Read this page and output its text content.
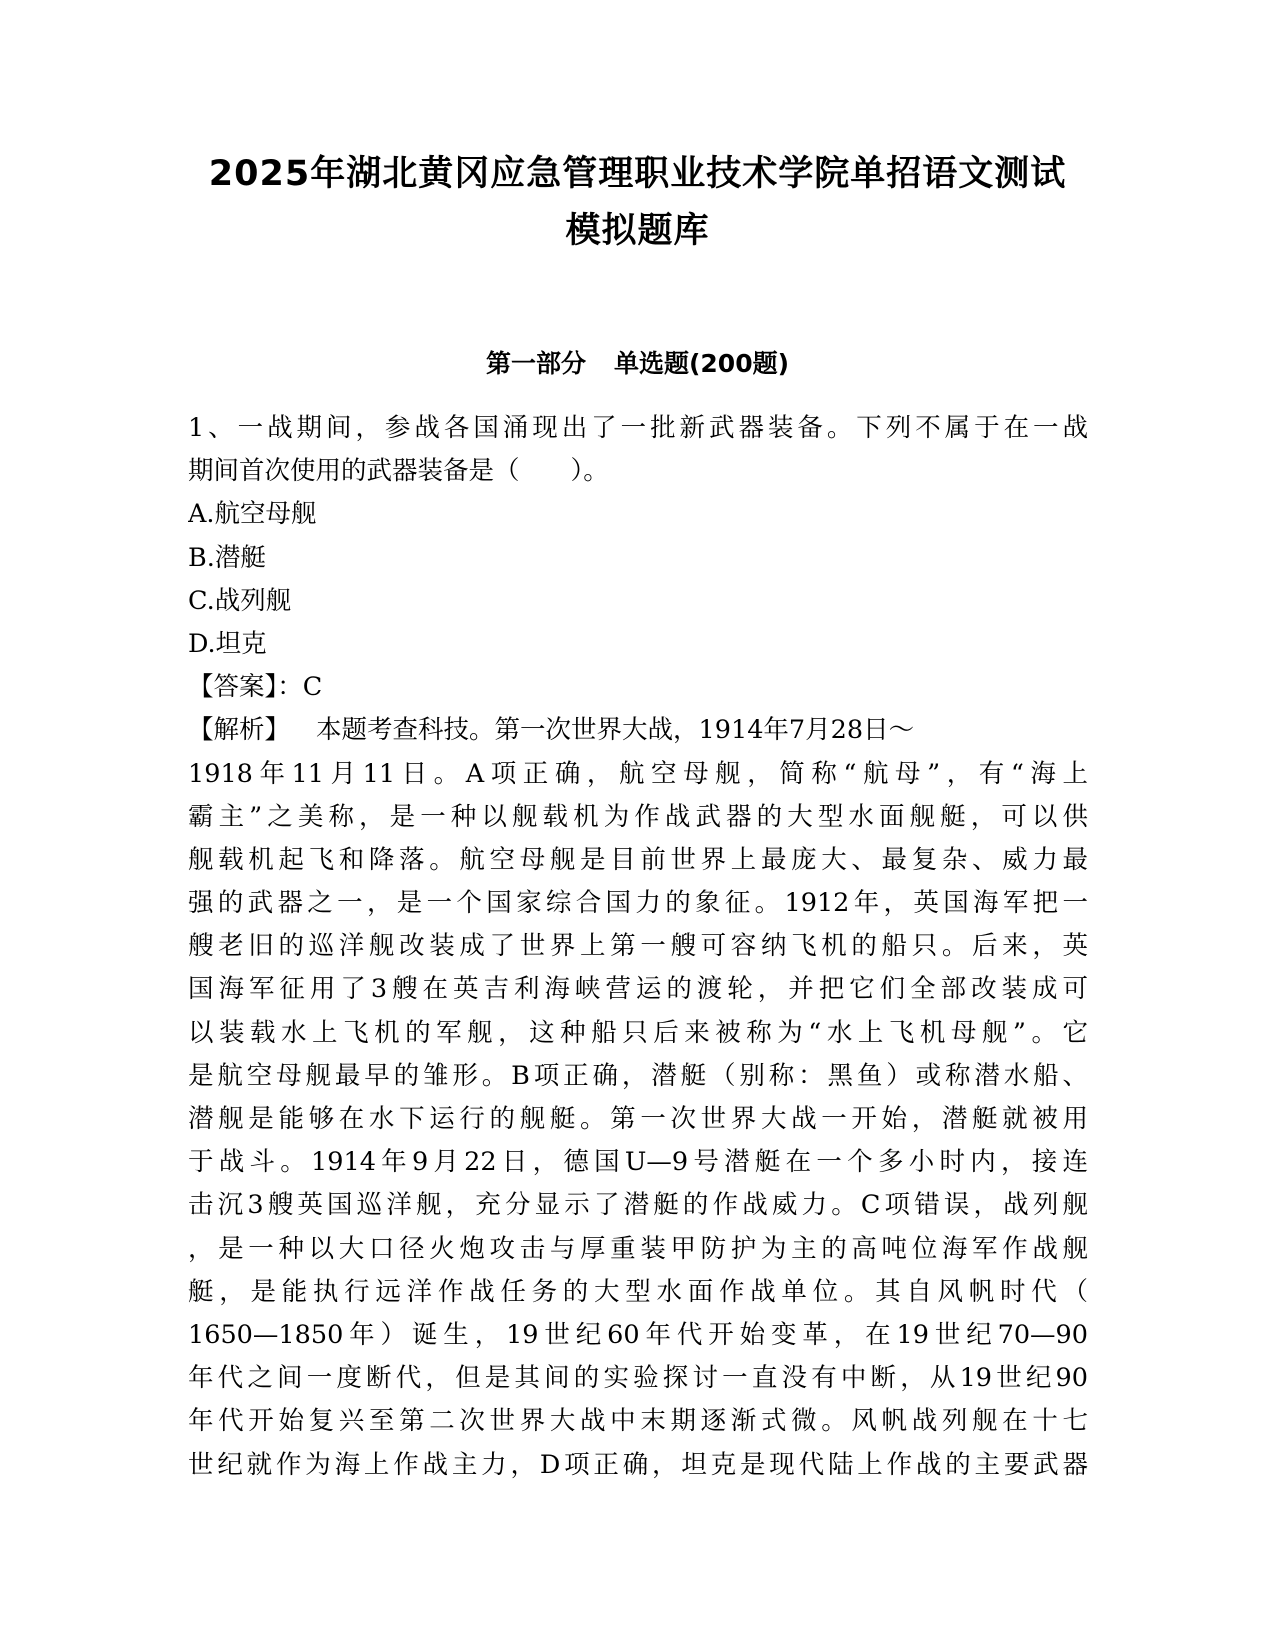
2025年湖北黄冈应急管理职业技术学院单招语文测试
模拟题库
第一部分 单选题(200题)
1、一战期间，参战各国涌现出了一批新武器装备。下列不属于在一战
期间首次使用的武器装备是（　　）。
A.航空母舰
B.潜艇
C.战列舰
D.坦克
【答案】：C
【解析】 本题考查科技。第一次世界大战，1914年7月28日～
1918年11月11日。A项正确，航空母舰，简称“航母”，有“海上
霸主”之美称，是一种以舰载机为作战武器的大型水面舰艇，可以供
舰载机起飞和降落。航空母舰是目前世界上最庞大、最复杂、威力最
强的武器之一，是一个国家综合国力的象征。1912年，英国海军把一
艘老旧的巡洋舰改装成了世界上第一艘可容纳飞机的船只。后来，英
国海军征用了3艘在英吉利海峡营运的渡轮，并把它们全部改装成可
以装载水上飞机的军舰，这种船只后来被称为“水上飞机母舰”。它
是航空母舰最早的雏形。B项正确，潜艇（别称：黑鱼）或称潜水船、
潜舰是能够在水下运行的舰艇。第一次世界大战一开始，潜艇就被用
于战斗。1914年9月22日，德国U—9号潜艇在一个多小时内，接连
击沉3艘英国巡洋舰，充分显示了潜艇的作战威力。C项错误，战列舰
，是一种以大口径火炮攻击与厚重装甲防护为主的高吨位海军作战舰
艇，是能执行远洋作战任务的大型水面作战单位。其自风帆时代（
1650—1850年）诞生，19世纪60年代开始变革，在19世纪70—90
年代之间一度断代，但是其间的实验探讨一直没有中断，从19世纪90
年代开始复兴至第二次世界大战中末期逐渐式微。风帆战列舰在十七
世纪就作为海上作战主力，D项正确，坦克是现代陆上作战的主要武器
